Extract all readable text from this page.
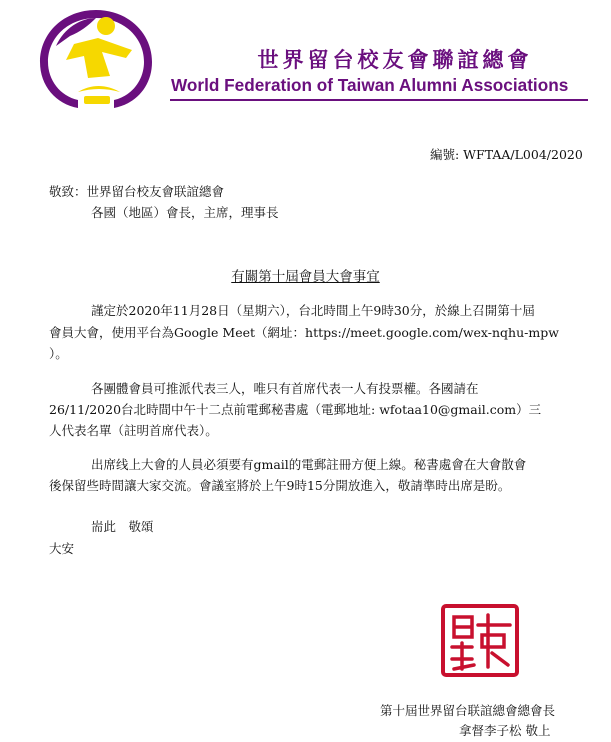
世界留台校友會聯誼總會
World Federation of Taiwan Alumni Associations
編號: WFTAA/L004/2020
敬致：世界留台校友會联誼總會
各國（地區）會長，主席，理事長
有關第十屆會員大會事宜
謹定於2020年11月28日（星期六），台北時間上午9時30分，於線上召開第十屆
會員大會，使用平台為Google Meet（網址：https://meet.google.com/wex-nqhu-mpw
）。
各團體會員可推派代表三人，唯只有首席代表一人有投票權。各國請在
26/11/2020台北時間中午十二点前電郵秘書處（電郵地址: wfotaa10@gmail.com）三
人代表名單（註明首席代表）。
出席线上大會的人員必須要有gmail的電郵註冊方便上線。秘書處會在大會散會
後保留些時間讓大家交流。會議室將於上午9時15分開放進入，敬請準時出席是盼。
耑此　敬頌
大安
第十屆世界留台联誼總會總會長
拿督李子松 敬上
